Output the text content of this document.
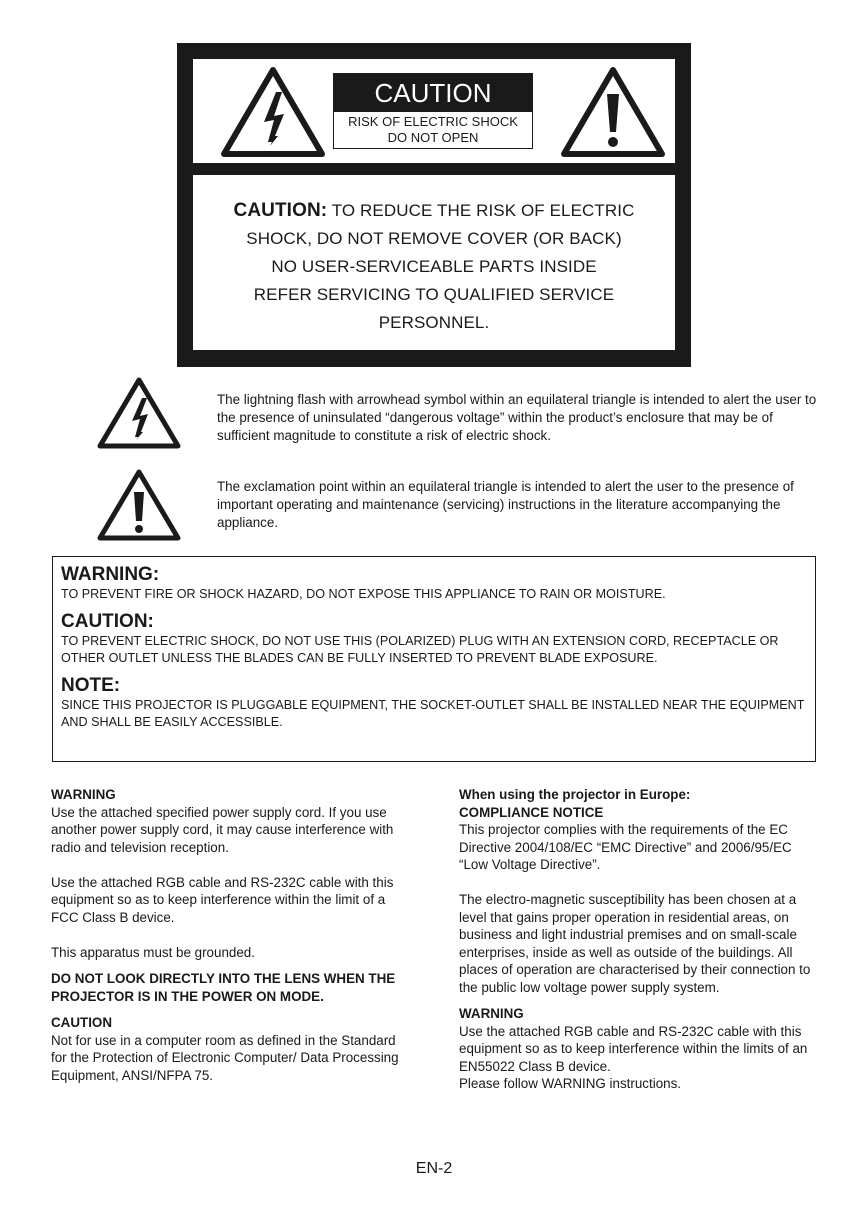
CAUTION
RISK OF ELECTRIC SHOCK
DO NOT OPEN
CAUTION: TO REDUCE THE RISK OF ELECTRIC
SHOCK, DO NOT REMOVE COVER (OR BACK)
NO USER-SERVICEABLE PARTS INSIDE
REFER SERVICING TO QUALIFIED SERVICE
PERSONNEL.
The lightning flash with arrowhead symbol within an equilateral triangle is intended to alert the user to the presence of uninsulated “dangerous voltage” within the product’s enclosure that may be of sufficient magnitude to constitute a risk of electric shock.
The exclamation point within an equilateral triangle is intended to alert the user to the presence of important operating and maintenance (servicing) instructions in the literature accompanying the appliance.

WARNING:

TO PREVENT FIRE OR SHOCK HAZARD, DO NOT EXPOSE THIS APPLIANCE TO RAIN OR MOISTURE.

CAUTION:

TO PREVENT ELECTRIC SHOCK, DO NOT USE THIS (POLARIZED) PLUG WITH AN EXTENSION CORD, RECEPTACLE OR OTHER OUTLET UNLESS THE BLADES CAN BE FULLY INSERTED TO PREVENT BLADE EXPOSURE.

NOTE:

SINCE THIS PROJECTOR IS PLUGGABLE EQUIPMENT, THE SOCKET-OUTLET SHALL BE INSTALLED NEAR THE EQUIPMENT AND SHALL BE EASILY ACCESSIBLE.

WARNING

Use the attached specified power supply cord. If you use another power supply cord, it may cause interference with radio and television reception.

Use the attached RGB cable and RS-232C cable with this equipment so as to keep interference within the limit of a FCC Class B device.

This apparatus must be grounded.

DO NOT LOOK DIRECTLY INTO THE LENS WHEN THE PROJECTOR IS IN THE POWER ON MODE.

CAUTION

Not for use in a computer room as defined in the Standard for the Protection of Electronic Computer/ Data Processing Equipment, ANSI/NFPA 75.

When using the projector in Europe:

COMPLIANCE NOTICE

This projector complies with the requirements of the EC Directive 2004/108/EC “EMC Directive” and 2006/95/EC “Low Voltage Directive”.

The electro-magnetic susceptibility has been chosen at a level that gains proper operation in residential areas, on business and light industrial premises and on small-scale enterprises, inside as well as outside of the buildings. All places of operation are characterised by their connection to the public low voltage power supply system.

WARNING

Use the attached RGB cable and RS-232C cable with this equipment so as to keep interference within the limits of an EN55022 Class B device.

Please follow WARNING instructions.

EN-2
